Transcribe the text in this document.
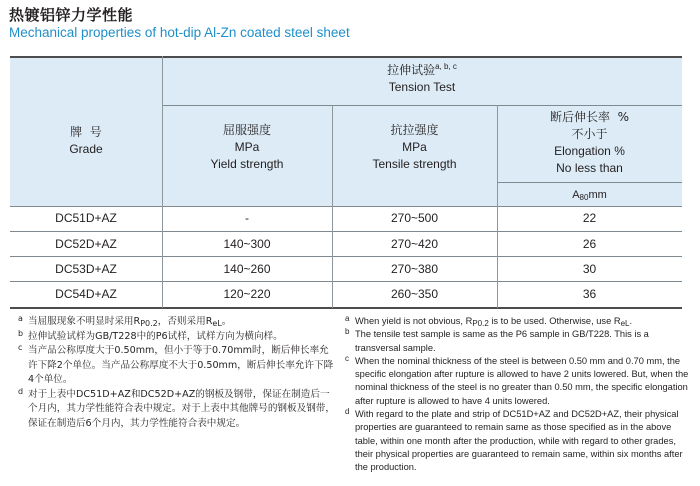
热镀铝锌力学性能
Mechanical properties of hot-dip Al-Zn coated steel sheet
拉伸试验$^{a, b, c}$
Tension Test
牌  号
Grade
屈服强度
MPa
Yield strength
抗拉强度
MPa
Tensile strength
断后伸长率  %
不小于
Elongation %
No less than
$A_{80}mm$
DC51D+AZ	-	270~500	22
DC52D+AZ	140~300	270~420	26
DC53D+AZ	140~260	270~380	30
DC54D+AZ	120~220	260~350	36

a 当屈服现象不明显时采用$R_{P0.2}$，否则采用$R_{eL}$。

b 拉伸试验试样为GB/T228中的P6试样，试样方向为横向样。

c 当产品公称厚度大于0.50mm，但小于等于0.70mm时，断后伸长率允许下降2个单位。当产品公称厚度不大于0.50mm，断后伸长率允许下降4个单位。

d 对于上表中DC51D+AZ和DC52D+AZ的钢板及钢带，保证在制造后一个月内，其力学性能符合表中规定。对于上表中其他牌号的钢板及钢带，保证在制造后6个月内，其力学性能符合表中规定。

a When yield is not obvious, $R_{P0.2}$ is to be used. Otherwise, use $R_{eL}$.

b The tensile test sample is same as the P6 sample in GB/T228. This is a transversal sample.

c When the nominal thickness of the steel is between 0.50 mm and 0.70 mm, the specific elongation after rupture is allowed to have 2 units lowered. But, when the nominal thickness of the steel is no greater than 0.50 mm, the specific elongation after rupture is allowed to have 4 units lowered.

d With regard to the plate and strip of DC51D+AZ and DC52D+AZ, their physical properties are guaranteed to remain same as those specified as in the above table, within one month after the production, while with regard to other grades, their physical properties are guaranteed to remain same, within six months after the production.
